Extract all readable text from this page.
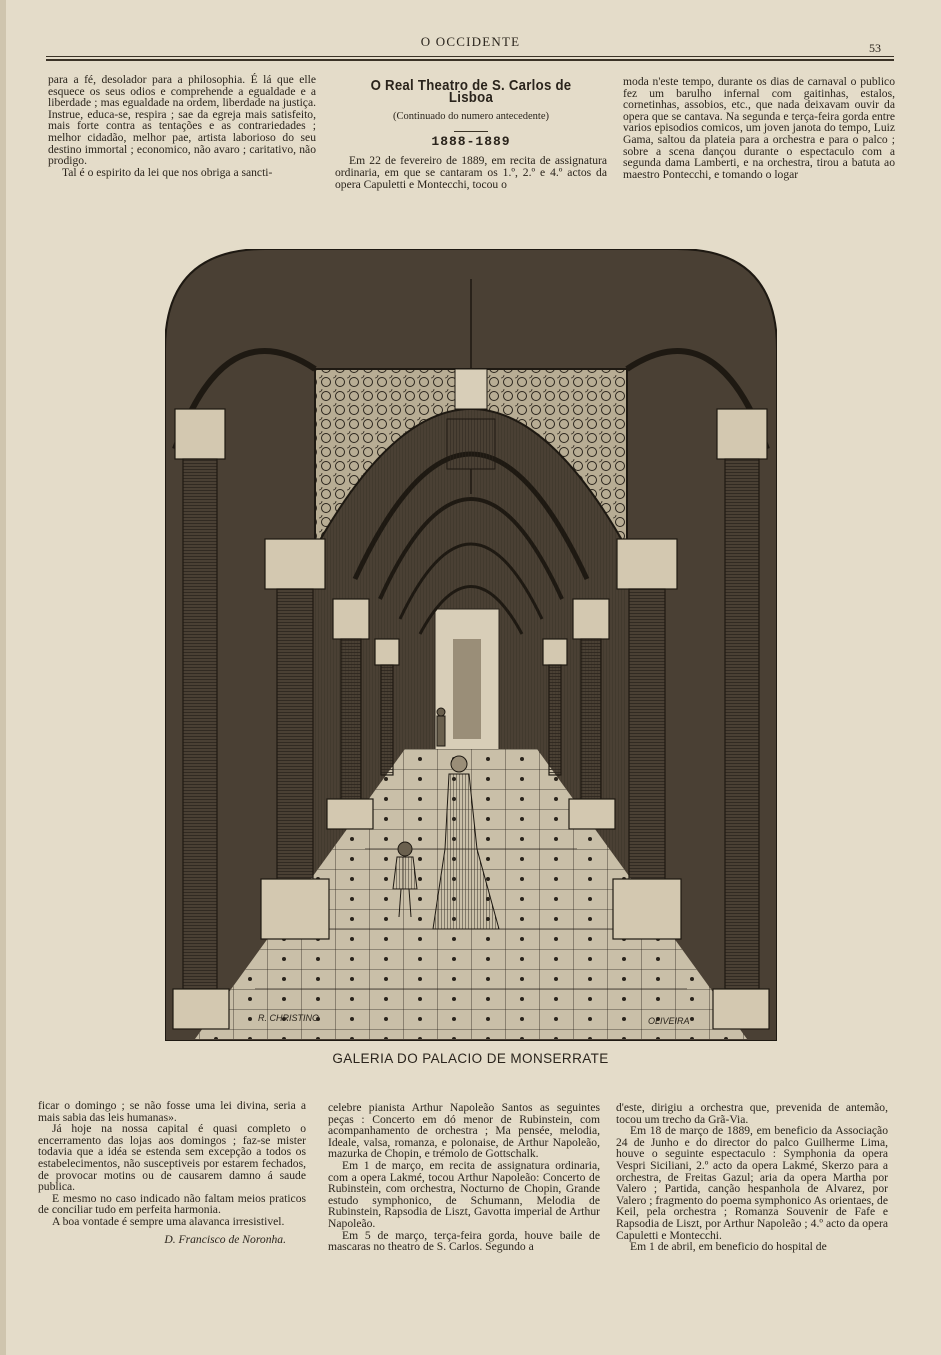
O OCCIDENTE	53

para a fé, desolador para a philosophia. É lá que elle esquece os seus odios e comprehende a egualdade e a liberdade ; mas egualdade na ordem, liberdade na justiça. Instrue, educa-se, respira ; sae da egreja mais satisfeito, mais forte contra as tentações e as contrariedades ; melhor cidadão, melhor pae, artista laborioso do seu destino immortal ; economico, não avaro ; caritativo, não prodigo.

Tal é o espirito da lei que nos obriga a sancti-

O Real Theatro de S. Carlos de Lisboa
(Continuado do numero antecedente)
1888-1889

Em 22 de fevereiro de 1889, em recita de assignatura ordinaria, em que se cantaram os 1.º, 2.º e 4.º actos da opera Capuletti e Montecchi, tocou o

moda n'este tempo, durante os dias de carnaval o publico fez um barulho infernal com gaitinhas, estalos, cornetinhas, assobios, etc., que nada deixavam ouvir da opera que se cantava. Na segunda e terça-feira gorda entre varios episodios comicos, um joven janota do tempo, Luiz Gama, saltou da plateia para a orchestra e para o palco ; sobre a scena dançou durante o espectaculo com a segunda dama Lamberti, e na orchestra, tirou a batuta ao maestro Pontecchi, e tomando o logar

R. CHRISTINO	OLIVEIRA
GALERIA DO PALACIO DE MONSERRATE

ficar o domingo ; se não fosse uma lei divina, seria a mais sabia das leis humanas».

Já hoje na nossa capital é quasi completo o encerramento das lojas aos domingos ; faz-se mister todavia que a idéa se estenda sem excepção a todos os estabelecimentos, não susceptiveis por estarem fechados, de provocar motins ou de causarem damno á saude publica.

E mesmo no caso indicado não faltam meios praticos de conciliar tudo em perfeita harmonia.

A boa vontade é sempre uma alavanca irresistivel.

D. Francisco de Noronha.

celebre pianista Arthur Napoleão Santos as seguintes peças : Concerto em dó menor de Rubinstein, com acompanhamento de orchestra ; Ma pensée, melodia, Ideale, valsa, romanza, e polonaise, de Arthur Napoleão, mazurka de Chopin, e trémolo de Gottschalk.

Em 1 de março, em recita de assignatura ordinaria, com a opera Lakmé, tocou Arthur Napoleão: Concerto de Rubinstein, com orchestra, Nocturno de Chopin, Grande estudo symphonico, de Schumann, Melodia de Rubinstein, Rapsodia de Liszt, Gavotta imperial de Arthur Napoleão.

Em 5 de março, terça-feira gorda, houve baile de mascaras no theatro de S. Carlos. Segundo a

d'este, dirigiu a orchestra que, prevenida de antemão, tocou um trecho da Grã-Via.

Em 18 de março de 1889, em beneficio da Associação 24 de Junho e do director do palco Guilherme Lima, houve o seguinte espectaculo : Symphonia da opera Vespri Siciliani, 2.º acto da opera Lakmé, Skerzo para a orchestra, de Freitas Gazul; aria da opera Martha por Valero ; Partida, canção hespanhola de Alvarez, por Valero ; fragmento do poema symphonico As orientaes, de Keil, pela orchestra ; Romanza Souvenir de Fafe e Rapsodia de Liszt, por Arthur Napoleão ; 4.º acto da opera Capuletti e Montecchi.

Em 1 de abril, em beneficio do hospital de
